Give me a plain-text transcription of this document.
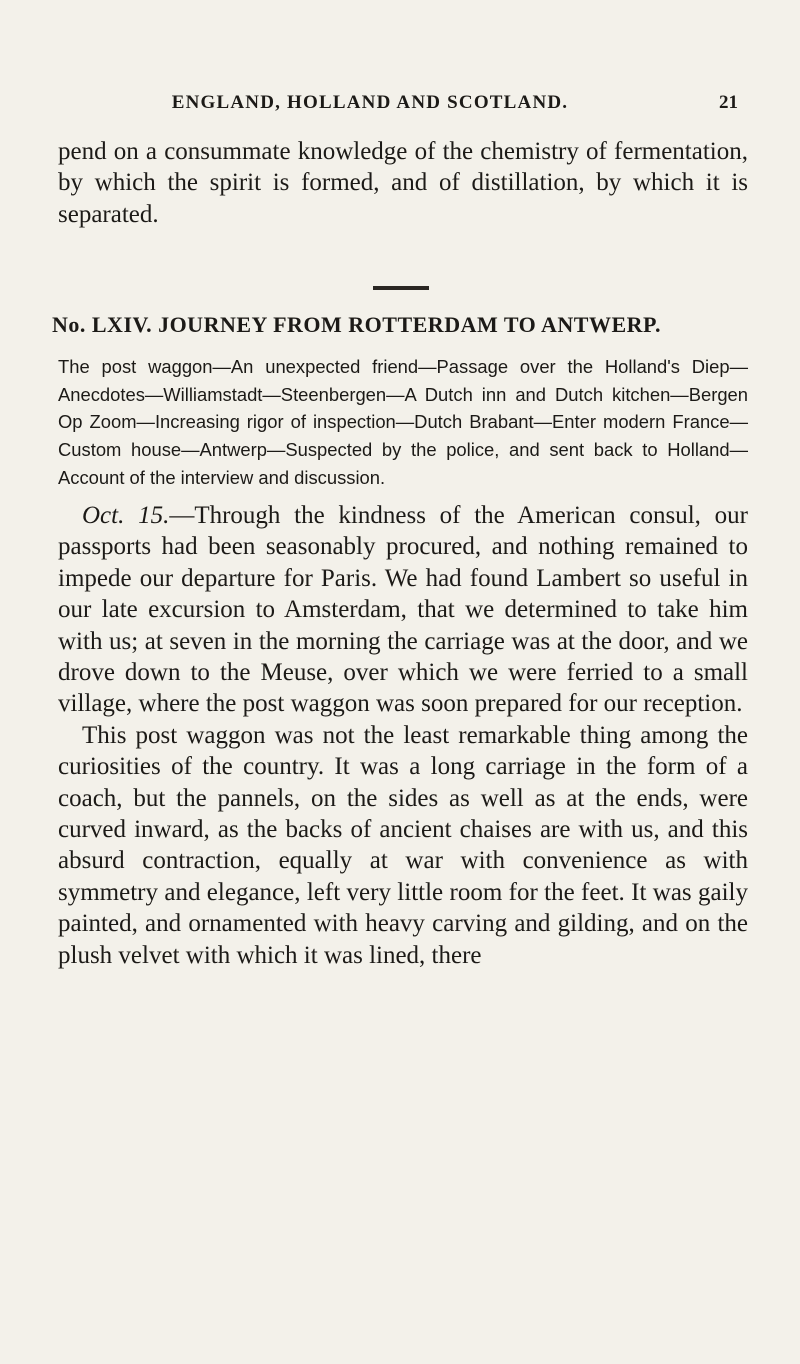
ENGLAND, HOLLAND AND SCOTLAND.	21
pend on a consummate knowledge of the chemistry of fermentation, by which the spirit is formed, and of distillation, by which it is separated.
No. LXIV. JOURNEY FROM ROTTERDAM TO ANTWERP.
The post waggon—An unexpected friend—Passage over the Holland's Diep—Anecdotes—Williamstadt—Steenbergen—A Dutch inn and Dutch kitchen—Bergen Op Zoom—Increasing rigor of inspection—Dutch Brabant—Enter modern France—Custom house—Antwerp—Suspected by the police, and sent back to Holland—Account of the interview and discussion.

Oct. 15.—Through the kindness of the American consul, our passports had been seasonably procured, and nothing remained to impede our departure for Paris. We had found Lambert so useful in our late excursion to Amsterdam, that we determined to take him with us; at seven in the morning the carriage was at the door, and we drove down to the Meuse, over which we were ferried to a small village, where the post waggon was soon prepared for our reception.

This post waggon was not the least remarkable thing among the curiosities of the country. It was a long carriage in the form of a coach, but the pannels, on the sides as well as at the ends, were curved inward, as the backs of ancient chaises are with us, and this absurd contraction, equally at war with convenience as with symmetry and elegance, left very little room for the feet. It was gaily painted, and ornamented with heavy carving and gilding, and on the plush velvet with which it was lined, there
